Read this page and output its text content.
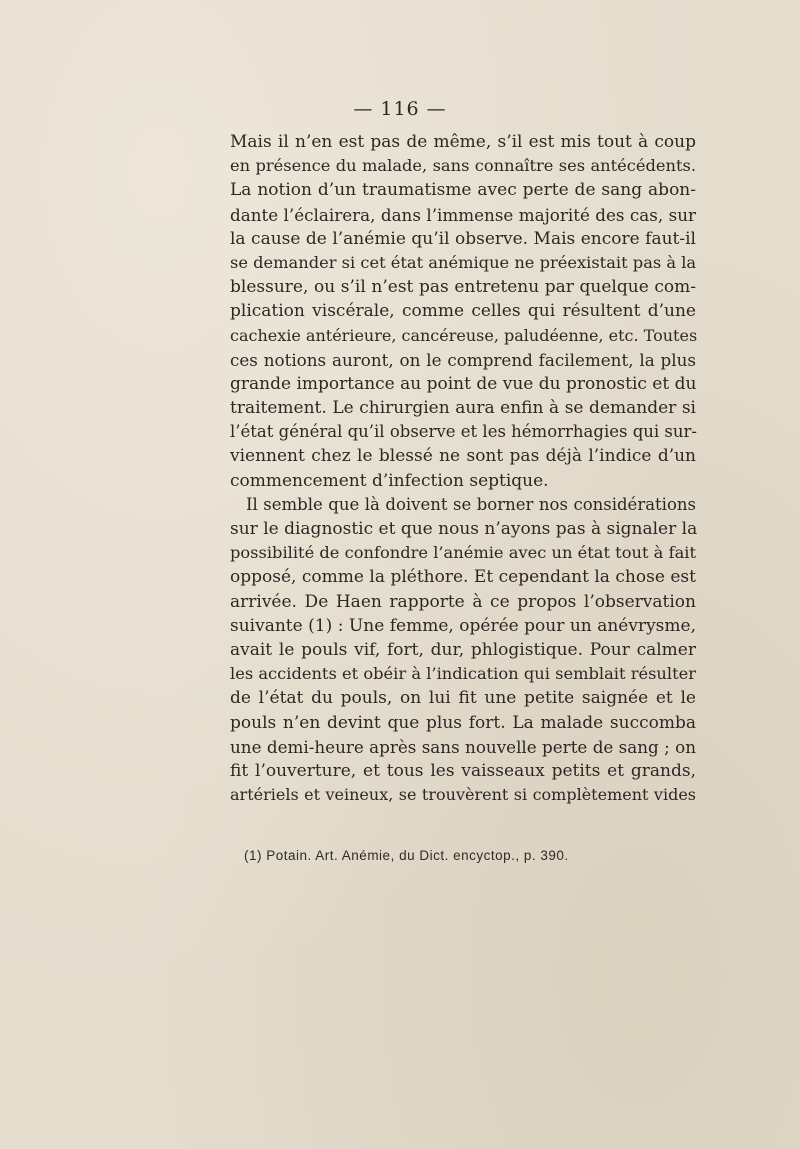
— 116 —
Mais il n’en est pas de même, s’il est mis tout à coup
en présence du malade, sans connaître ses antécédents.
La notion d’un traumatisme avec perte de sang abon-
dante l’éclairera, dans l’immense majorité des cas, sur
la cause de l’anémie qu’il observe. Mais encore faut-il
se demander si cet état anémique ne préexistait pas à la
blessure, ou s’il n’est pas entretenu par quelque com-
plication viscérale, comme celles qui résultent d’une
cachexie antérieure, cancéreuse, paludéenne, etc. Toutes
ces notions auront, on le comprend facilement, la plus
grande importance au point de vue du pronostic et du
traitement. Le chirurgien aura enfin à se demander si
l’état général qu’il observe et les hémorrhagies qui sur-
viennent chez le blessé ne sont pas déjà l’indice d’un
commencement d’infection septique.
Il semble que là doivent se borner nos considérations
sur le diagnostic et que nous n’ayons pas à signaler la
possibilité de confondre l’anémie avec un état tout à fait
opposé, comme la pléthore. Et cependant la chose est
arrivée. De Haen rapporte à ce propos l’observation
suivante (1) : Une femme, opérée pour un anévrysme,
avait le pouls vif, fort, dur, phlogistique. Pour calmer
les accidents et obéir à l’indication qui semblait résulter
de l’état du pouls, on lui fit une petite saignée et le
pouls n’en devint que plus fort. La malade succomba
une demi-heure après sans nouvelle perte de sang ; on
fit l’ouverture, et tous les vaisseaux petits et grands,
artériels et veineux, se trouvèrent si complètement vides
(1) Potain. Art. Anémie, du Dict. encyctop., p. 390.
